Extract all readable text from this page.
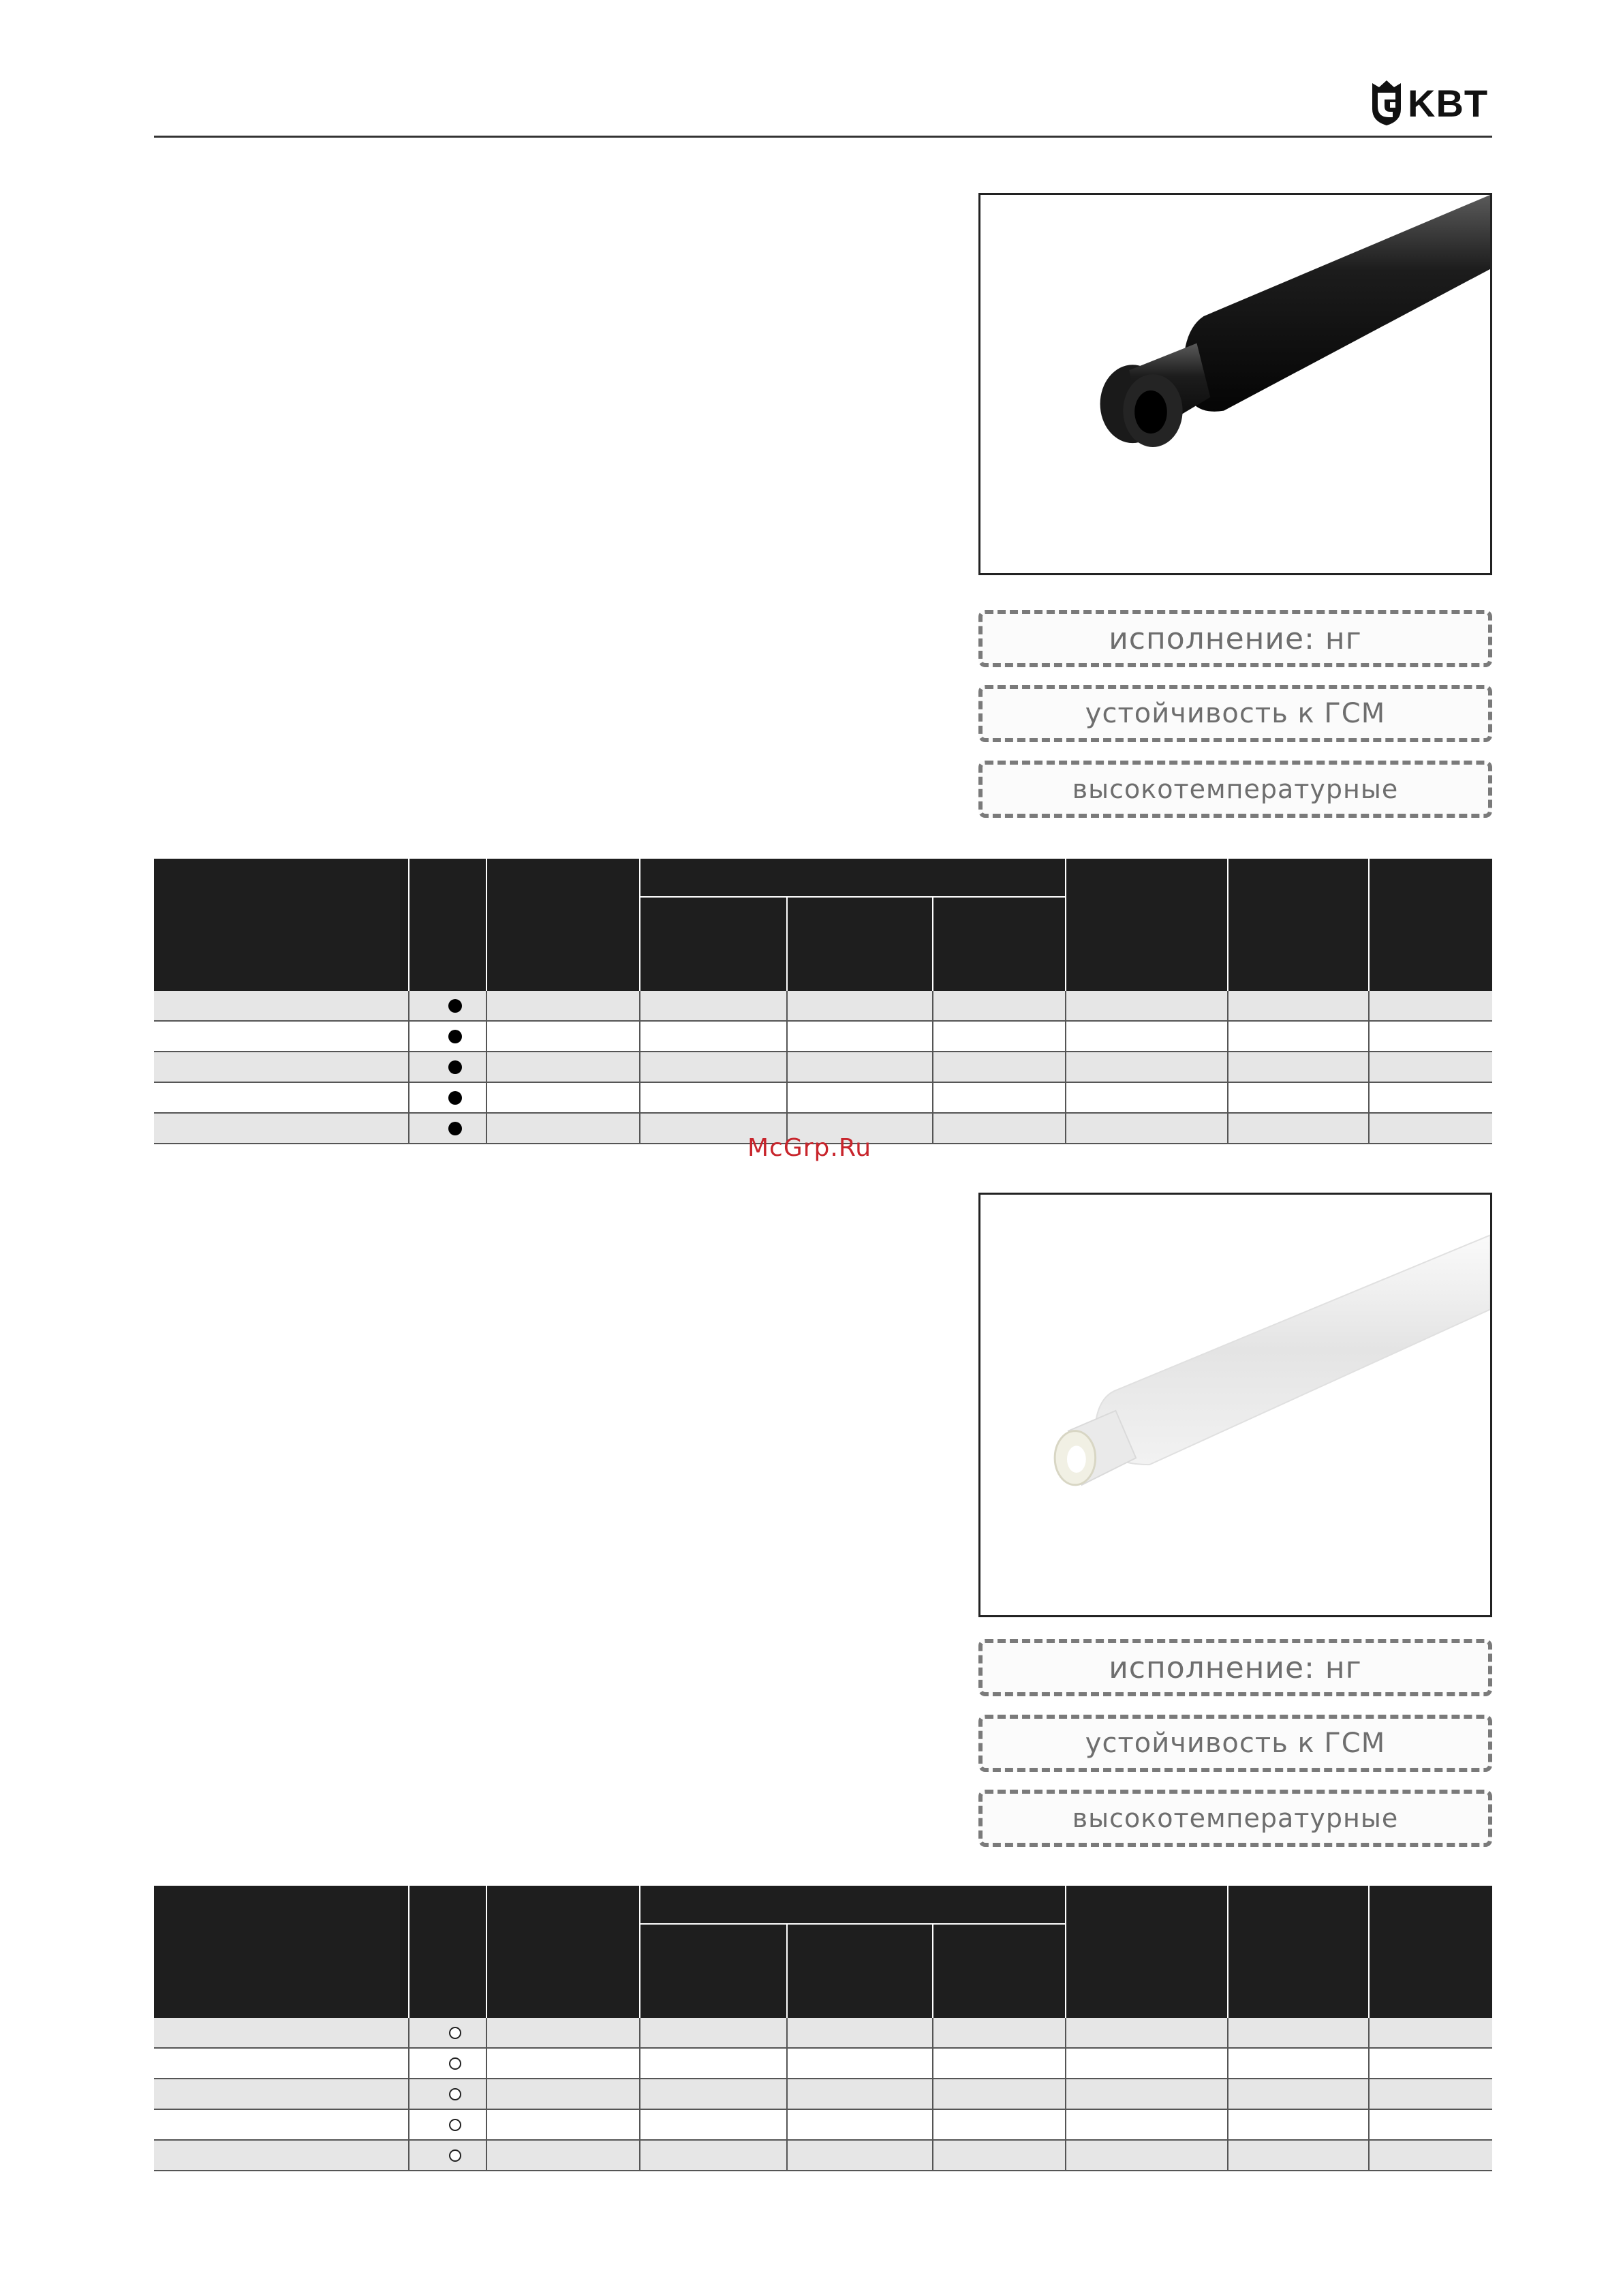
KBT
исполнение: нг
устойчивость к ГСМ
высокотемпературные
McGrp.Ru
исполнение: нг
устойчивость к ГСМ
высокотемпературные
